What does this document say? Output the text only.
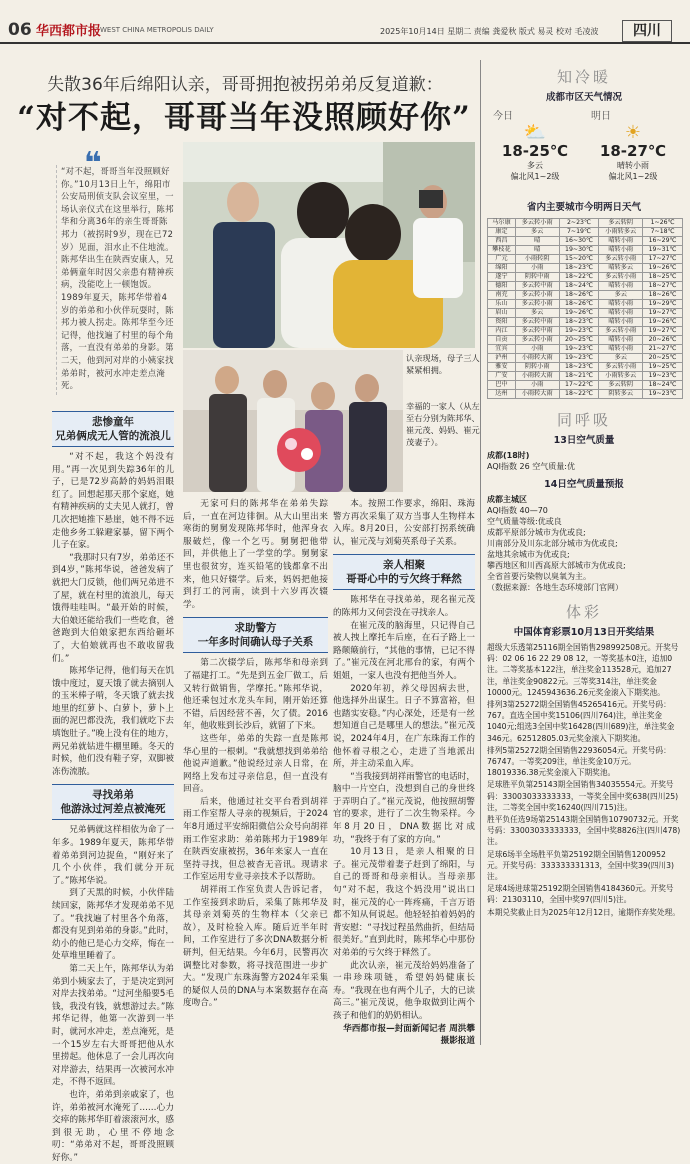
06 华西都市报
WEST CHINA METROPOLIS DAILY	2025年10月14日 星期二 责编 龚爱秋 版式 易灵 校对 毛凌波	四川
失散36年后绵阳认亲，哥哥拥抱被拐弟弟反复道歉：
“对不起，哥哥当年没照顾好你”
❝
“对不起，哥哥当年没照顾好你。”10月13日上午，绵阳市公安局刑侦支队会议室里，一场认亲仪式在这里举行，陈邦华和分离36年的亲生哥哥陈邦力（被拐时9岁，现在已72岁）见面，泪水止不住地流。陈邦华出生在陕西安康人，兄弟俩童年时因父亲患有精神疾病，没能吃上一顿饱饭。1989年夏天，陈邦华带着4岁的弟弟和小伙伴玩耍时，陈邦力被人拐走。陈邦华至今还记得，他找遍了村里的每个角落，一直没有弟弟的身影。第二天，他到河对岸的小姨家找弟弟时，被河水冲走差点淹死。
认亲现场，母子三人紧紧相拥。
幸福的一家人（从左至右分别为陈邦华、崔元茂、妈妈、崔元茂妻子）。
悲惨童年
兄弟俩成无人管的流浪儿

“对不起，我这个妈没有用。”再一次见到失踪36年的儿子，已是72岁高龄的妈妈泪眼红了。回想起那天那个家庭，她有精神疾病的丈夫见人就打，曾几次把她推下悬崖，她不得不远走他乡务工躲避家暴，留下两个儿子在家。

“我那时只有7岁，弟弟还不到4岁，”陈邦华说，爸爸发病了就把大门反锁，他们两兄弟进不了屋，就在村里的流浪儿，每天饿得哇哇叫。“最开始的时候，大伯娘还能给我们一些吃食，爸爸跑到大伯娘家把东西给砸坏了，大伯娘就再也不敢收留我们。”

陈邦华记得，他们每天在饥饿中度过，夏天饿了就去摘别人的玉米棒子啃，冬天饿了就去找地里的红萝卜、白萝卜，萝卜上面的泥巴都没洗，我们就吃下去填饱肚子。”晚上没有住的地方，两兄弟就钻进牛棚里睡。冬天的时候，他们没有鞋子穿，双脚被冻伤流脓。

寻找弟弟
他游泳过河差点被淹死

兄弟俩就这样相依为命了一年多。1989年夏天，陈邦华带着弟弟到河边捉鱼，“刚好来了几个小伙伴，我们就分开玩了。”陈邦华说。

到了天黑的时候，小伙伴陆续回家，陈邦华才发现弟弟不见了。“我找遍了村里各个角落，都没有见到弟弟的身影。”此时，幼小的他已是心力交瘁，悔在一处草堆里睡着了。

第二天上午，陈邦华认为弟弟到小姨家去了，于是决定到河对岸去找弟弟。“过河坐船要5毛钱，我没有钱，就想游过去。”陈邦华记得，他第一次游到一半时，就河水冲走，差点淹死，是一个15岁左右大哥哥把他从水里捞起。他休息了一会儿再次向对岸游去，结果再一次被河水冲走，不得不返回。

也许，弟弟到亲戚家了，也许，弟弟被河水淹死了……心力交瘁的陈邦华盯着滚滚河水，感到很无助，心里不停地念叨：“弟弟对不起，哥哥没照顾好你。”

无家可归的陈邦华在弟弟失踪后，一直在河边徘徊。从大山里出来寒街的舅舅发现陈邦华时，他浑身衣服破烂，像一个乞丐。舅舅把他带回，并供他上了一学堂的学。舅舅家里也很贫穷，连买铅笔的钱都拿不出来，他只好辍学。后来，妈妈把他接到打工的河南，读到十六岁再次辍学。

求助警方
一年多时间确认母子关系

第二次辍学后，陈邦华和母亲到了福建打工。“先是到五金厂做工，后又转行做销售，学摩托。”陈邦华说，他还乘包过水龙头车间，刚开始还算不错，后因经营不善，欠了债。2016年，他收账到长沙后，就留了下来。

这些年，弟弟的失踪一直是陈邦华心里的一根刺。“我就想找到弟弟给他说声道歉。”他说经过亲人日常，在网络上发布过寻亲信息，但一直没有回音。

后来，他通过社交平台看到胡祥雨工作室帮人寻亲的视频后，于2024年8月通过平安绵阳微信公众号向胡祥雨工作室求助：弟弟陈邦力于1989年在陕西安康被拐，36年来家人一直在坚持寻找，但总被杳无音讯。现请求工作室运用专业寻亲技术予以帮助。

胡祥雨工作室负责人告诉记者，工作室接到求助后，采集了陈邦华及其母亲刘菊英的生物样本（父亲已故），及时检验入库。随后近半年时间，工作室进行了多次DNA数据分析研判，但无结果。今年6月，民警再次调整比对参数，将寻找范围进一步扩大。“发现广东珠海警方2024年采集的疑似人员的DNA与本案数据存在高度吻合。”

本。按照工作要求，绵阳、珠海警方再次采集了双方当事人生物样本入库。8月20日，公安部打拐系统确认，崔元茂与刘菊英系母子关系。

亲人相聚
哥哥心中的亏欠终于释然

陈邦华在寻找弟弟，现名崔元茂的陈邦力又何尝没在寻找亲人。

在崔元茂的脑海里，只记得自己被人拽上摩托车后座，在石子路上一路颠簸前行，“其他的事情，已记不得了。”崔元茂在河北邢台的家，有两个姐姐，一家人也没有把他当外人。

2020年初，养父母因病去世，他选择外出谋生。日子不算富裕，但也踏实安稳。”内心深处，还是有一丝想知道自己是哪里人的想法。”崔元茂说，2024年4月，在广东珠海工作的他怀着寻根之心，走进了当地派出所，并主动采血入库。

“当我接到胡祥雨警官的电话时，脑中一片空白，没想到自己的身世终于弄明白了。”崔元茂说，他按照胡警官的要求，进行了二次生物采样。今年8月20日，DNA数据比对成功，“我终于有了家的方向。”

10月13日，是亲人相聚的日子。崔元茂带着妻子赶到了绵阳，与自己的哥哥和母亲相认。当母亲那句“对不起，我这个妈没用”说出口时，崔元茂的心一阵疼痛，千言万语都不知从何说起。他轻轻拍着妈妈的背安慰：“寻找过程虽然曲折，但结局很美好。”直到此时，陈邦华心中那份对弟弟的亏欠终于释然了。

此次认亲，崔元茂给妈妈准备了一串珍珠项链，希望妈妈健康长寿。“我现在也有两个儿子，大的已读高三。”崔元茂说，他争取做到让两个孩子和他们的奶奶相认。

华西都市报—封面新闻记者 周洪攀 摄影报道

知冷暖
成都市区天气情况
今日
⛅
18-25℃
多云
偏北风1~2级
明日
☀
18-27℃
晴转小雨
偏北风1~2级
省内主要城市今明两日天气
马尔康	多云转小雨	2~23℃	多云转阴	1~26℃
康定	多云	7~19℃	小雨转多云	7~18℃
西昌	晴	16~30℃	晴转小雨	16~29℃
攀枝花	晴	19~30℃	晴转小雨	19~31℃
广元	小雨转阴	15~20℃	多云转小雨	17~27℃
绵阳	小雨	18~23℃	晴转多云	19~26℃
遂宁	阴转中雨	18~22℃	多云转小雨	18~25℃
德阳	多云转中雨	18~24℃	晴转小雨	18~27℃
南充	多云转小雨	18~26℃	多云	18~26℃
乐山	多云转小雨	18~26℃	晴转小雨	19~29℃
眉山	多云	19~26℃	晴转小雨	19~27℃
资阳	多云转中雨	18~23℃	晴转小雨	19~26℃
内江	多云转中雨	19~23℃	多云转小雨	19~27℃
自贡	多云转小雨	20~25℃	晴转小雨	20~26℃
宜宾	小雨	19~23℃	晴转小雨	21~27℃
泸州	小雨转大雨	19~23℃	多云	20~25℃
雅安	阴转小雨	18~23℃	多云转小雨	19~25℃
广安	小雨转大雨	18~21℃	小雨转多云	19~23℃
巴中	小雨	17~22℃	多云转阴	18~24℃
达州	小雨转大雨	18~22℃	阴转多云	19~23℃
同呼吸
13日空气质量
成都(18时)
AQI指数 26 空气质量:优
14日空气质量预报
成都主城区
AQI指数 40—70
空气质量等级:优或良
成都平原部分城市为优或良;
川南部分及川东北部分城市为优或良;
盆地其余城市为优或良;
攀西地区和川西高原大部城市为优或良;
全省首要污染物以臭氧为主。
（数据来源：各地生态环境部门官网）
体彩
中国体育彩票10月13日开奖结果

超级大乐透第25116期全国销售298992508元。开奖号码：02 06 16 22 29 08 12，一等奖基本0注，追加0注。二等奖基本122注，单注奖金113528元，追加27注，单注奖金90822元。三等奖314注，单注奖金10000元。1245943636.26元奖金滚入下期奖池。

排列3第25272期全国销售45265416元。开奖号码：767。直选全国中奖15106(四川764)注，单注奖金1040元;组选3全国中奖16428(四川689)注，单注奖金346元。62512805.03元奖金滚入下期奖池。

排列5第25272期全国销售22936054元。开奖号码：76747。一等奖209注，单注奖金10万元。18019336.38元奖金滚入下期奖池。

足球胜平负第25143期全国销售34035554元。开奖号码：33003033333333，一等奖全国中奖638(四川25)注，二等奖全国中奖16240(四川715)注。

胜平负任选9场第25143期全国销售10790732元。开奖号码：33003033333333，全国中奖8826注(四川478)注。

足球6场半全场胜平负第25192期全国销售1200952元。开奖号码：333333331313，全国中奖39(四川3)注。

足球4场进球第25192期全国销售4184360元。开奖号码：21303110，全国中奖97(四川5)注。

本期兑奖截止日为2025年12月12日，逾期作弃奖处理。
